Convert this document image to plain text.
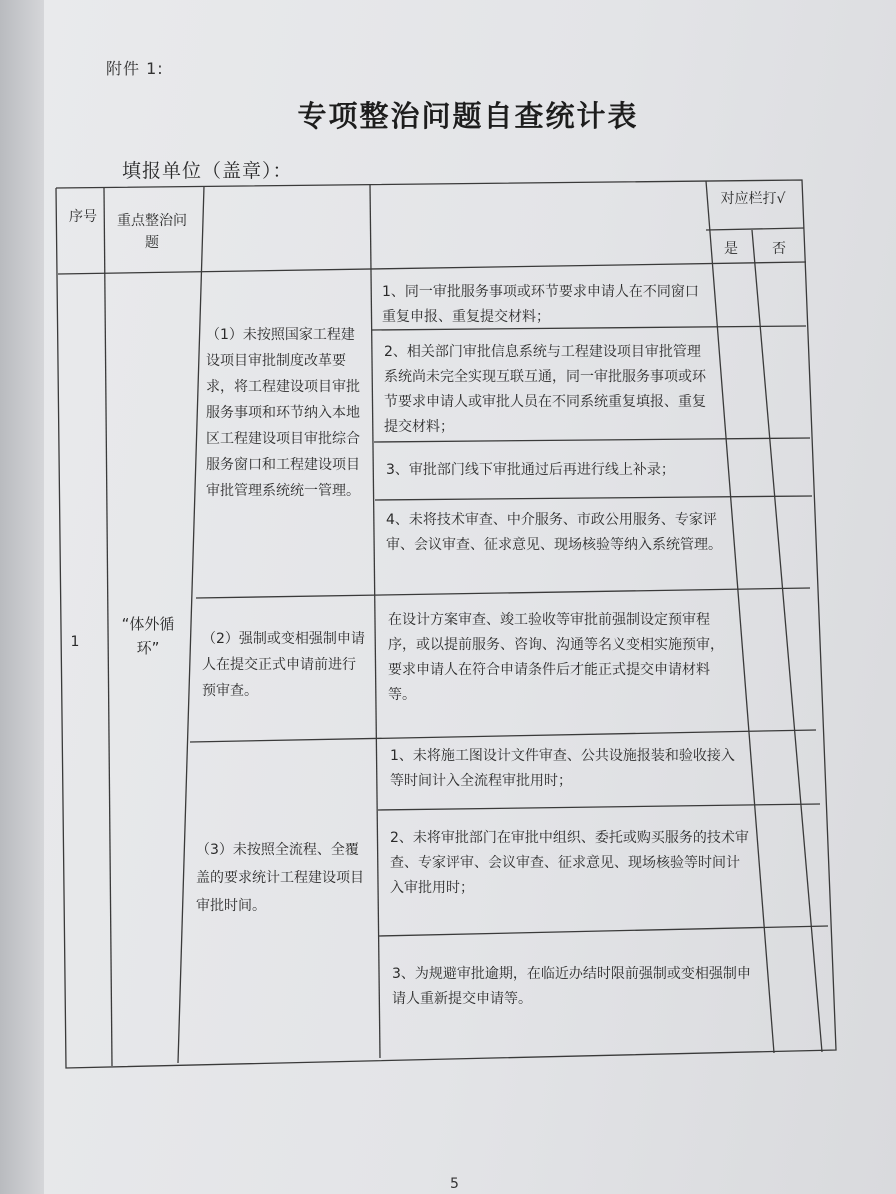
附件 1:
专项整治问题自查统计表
填报单位（盖章）：
序号 重点整治问题
对应栏打√
是	否
1
“体外循环”
（1）未按照国家工程建设项目审批制度改革要求，将工程建设项目审批服务事项和环节纳入本地区工程建设项目审批综合服务窗口和工程建设项目审批管理系统统一管理。
1、同一审批服务事项或环节要求申请人在不同窗口重复申报、重复提交材料；
2、相关部门审批信息系统与工程建设项目审批管理系统尚未完全实现互联互通，同一审批服务事项或环节要求申请人或审批人员在不同系统重复填报、重复提交材料；
3、审批部门线下审批通过后再进行线上补录；
4、未将技术审查、中介服务、市政公用服务、专家评审、会议审查、征求意见、现场核验等纳入系统管理。
（2）强制或变相强制申请人在提交正式申请前进行预审查。
在设计方案审查、竣工验收等审批前强制设定预审程序，或以提前服务、咨询、沟通等名义变相实施预审，要求申请人在符合申请条件后才能正式提交申请材料等。
（3）未按照全流程、全覆盖的要求统计工程建设项目审批时间。
1、未将施工图设计文件审查、公共设施报装和验收接入等时间计入全流程审批用时；
2、未将审批部门在审批中组织、委托或购买服务的技术审查、专家评审、会议审查、征求意见、现场核验等时间计入审批用时；
3、为规避审批逾期，在临近办结时限前强制或变相强制申请人重新提交申请等。
5
